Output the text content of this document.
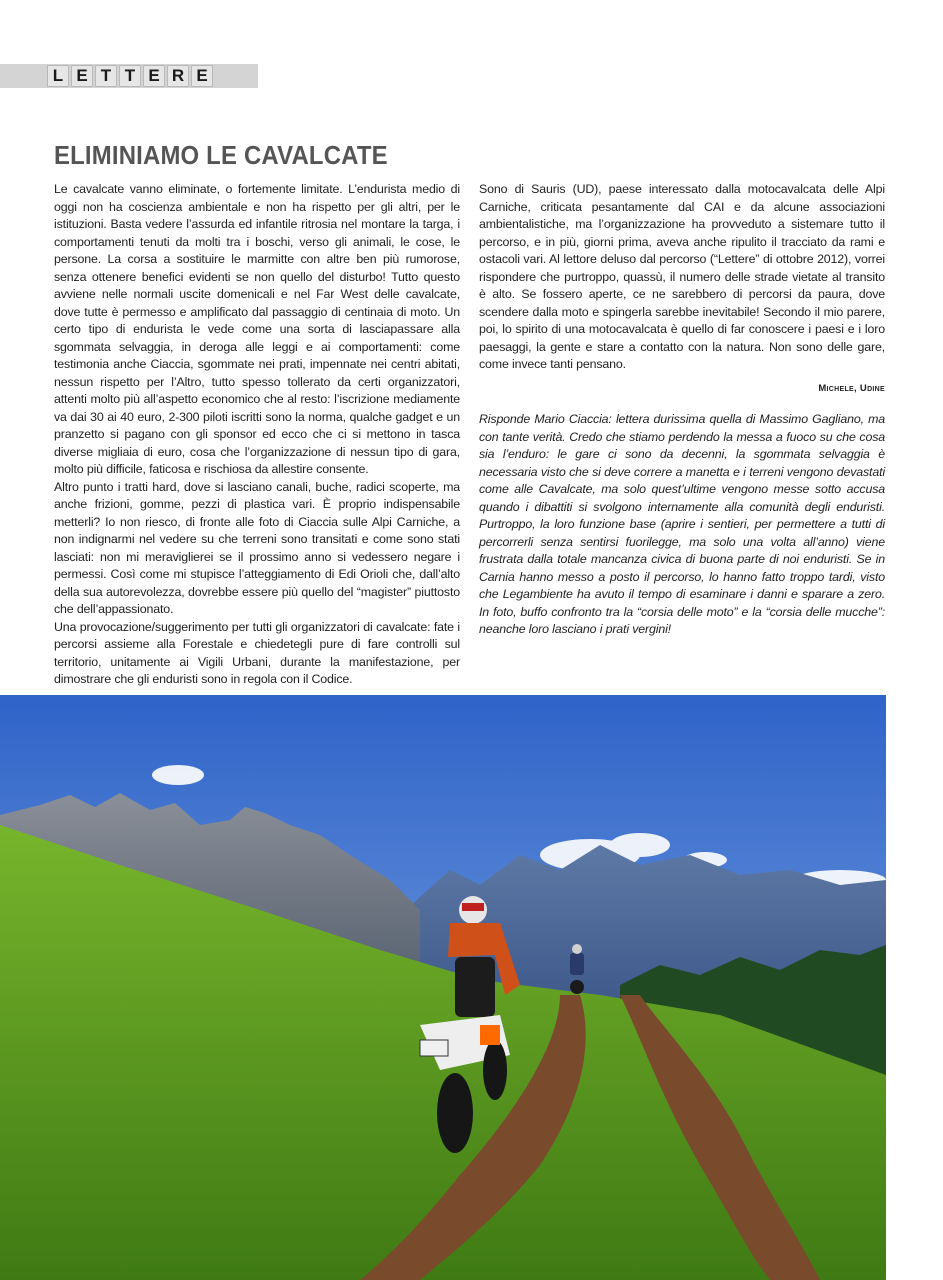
L E T T E R E
ELIMINIAMO LE CAVALCATE

Le cavalcate vanno eliminate, o fortemente limitate. L’endurista medio di oggi non ha coscienza ambientale e non ha rispetto per gli altri, per le istituzioni. Basta vedere l’assurda ed infantile ritrosia nel montare la targa, i comportamenti tenuti da molti tra i boschi, verso gli animali, le cose, le persone. La corsa a sostituire le marmitte con altre ben più rumorose, senza ottenere benefici evidenti se non quello del disturbo! Tutto questo avviene nelle normali uscite domenicali e nel Far West delle cavalcate, dove tutte è permesso e amplificato dal passaggio di centinaia di moto. Un certo tipo di endurista le vede come una sorta di lasciapassare alla sgommata selvaggia, in deroga alle leggi e ai comportamenti: come testimonia anche Ciaccia, sgommate nei prati, impennate nei centri abitati, nessun rispetto per l’Altro, tutto spesso tollerato da certi organizzatori, attenti molto più all’aspetto economico che al resto: l’iscrizione mediamente va dai 30 ai 40 euro, 2-300 piloti iscritti sono la norma, qualche gadget e un pranzetto si pagano con gli sponsor ed ecco che ci si mettono in tasca diverse migliaia di euro, cosa che l’organizzazione di nessun tipo di gara, molto più difficile, faticosa e rischiosa da allestire consente.

Altro punto i tratti hard, dove si lasciano canali, buche, radici scoperte, ma anche frizioni, gomme, pezzi di plastica vari. È proprio indispensabile metterli? Io non riesco, di fronte alle foto di Ciaccia sulle Alpi Carniche, a non indignarmi nel vedere su che terreni sono transitati e come sono stati lasciati: non mi meraviglierei se il prossimo anno si vedessero negare i permessi. Così come mi stupisce l’atteggiamento di Edi Orioli che, dall’alto della sua autorevolezza, dovrebbe essere più quello del “magister” piuttosto che dell’appassionato.

Una provocazione/suggerimento per tutti gli organizzatori di cavalcate: fate i percorsi assieme alla Forestale e chiedetegli pure di fare controlli sul territorio, unitamente ai Vigili Urbani, durante la manifestazione, per dimostrare che gli enduristi sono in regola con il Codice.

Sono di Sauris (UD), paese interessato dalla motocavalcata delle Alpi Carniche, criticata pesantamente dal CAI e da alcune associazioni ambientalistiche, ma l’organizzazione ha provveduto a sistemare tutto il percorso, e in più, giorni prima, aveva anche ripulito il tracciato da rami e ostacoli vari. Al lettore deluso dal percorso (“Lettere” di ottobre 2012), vorrei rispondere che purtroppo, quassù, il numero delle strade vietate al transito è alto. Se fossero aperte, ce ne sarebbero di percorsi da paura, dove scendere dalla moto e spingerla sarebbe inevitabile! Secondo il mio parere, poi, lo spirito di una motocavalcata è quello di far conoscere i paesi e i loro paesaggi, la gente e stare a contatto con la natura. Non sono delle gare, come invece tanti pensano.

Michele, Udine

Risponde Mario Ciaccia: lettera durissima quella di Massimo Gagliano, ma con tante verità. Credo che stiamo perdendo la messa a fuoco su che cosa sia l’enduro: le gare ci sono da decenni, la sgommata selvaggia è necessaria visto che si deve correre a manetta e i terreni vengono devastati come alle Cavalcate, ma solo quest’ultime vengono messe sotto accusa quando i dibattiti si svolgono internamente alla comunità degli enduristi. Purtroppo, la loro funzione base (aprire i sentieri, per permettere a tutti di percorrerli senza sentirsi fuorilegge, ma solo una volta all’anno) viene frustrata dalla totale mancanza civica di buona parte di noi enduristi. Se in Carnia hanno messo a posto il percorso, lo hanno fatto troppo tardi, visto che Legambiente ha avuto il tempo di esaminare i danni e sparare a zero. In foto, buffo confronto tra la “corsia delle moto” e la “corsia delle mucche”: neanche loro lasciano i prati vergini!
